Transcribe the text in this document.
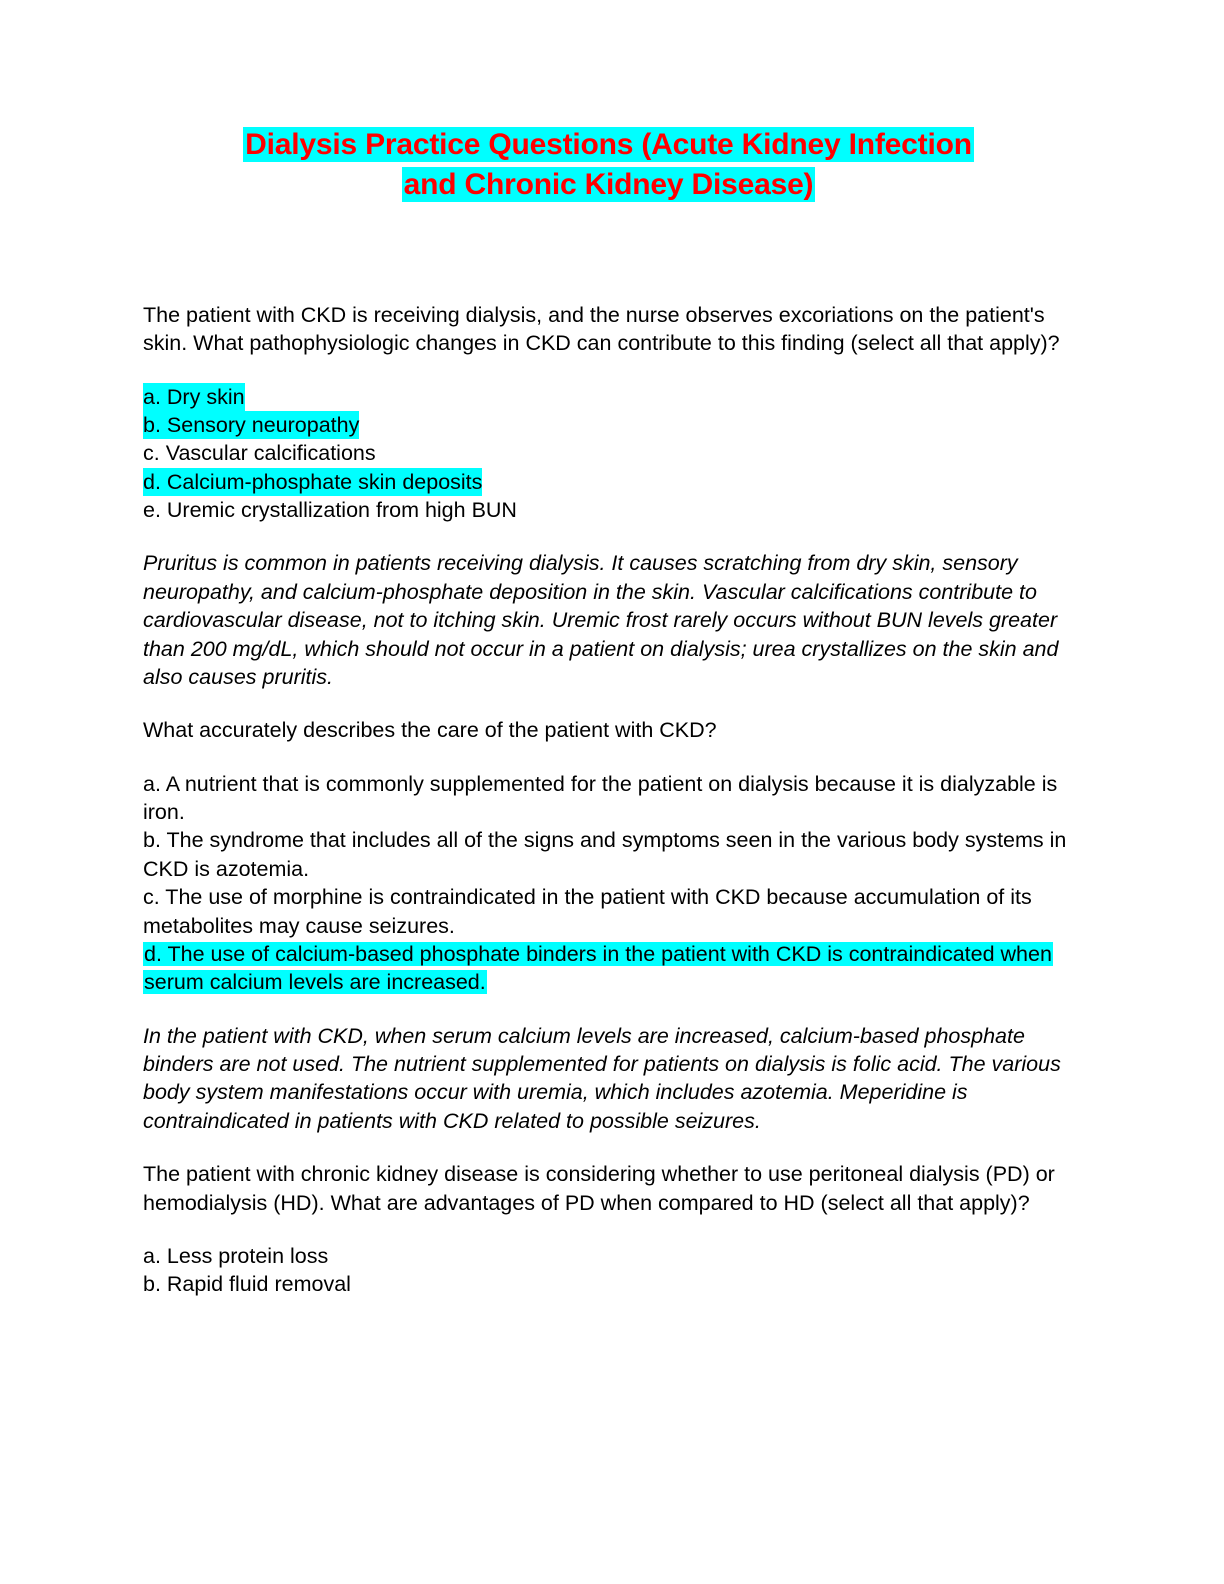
Dialysis Practice Questions (Acute Kidney Infection
and Chronic Kidney Disease)

The patient with CKD is receiving dialysis, and the nurse observes excoriations on the patient's skin. What pathophysiologic changes in CKD can contribute to this finding (select all that apply)?

a. Dry skin

b. Sensory neuropathy

c. Vascular calcifications

d. Calcium-phosphate skin deposits

e. Uremic crystallization from high BUN

Pruritus is common in patients receiving dialysis. It causes scratching from dry skin, sensory neuropathy, and calcium-phosphate deposition in the skin. Vascular calcifications contribute to cardiovascular disease, not to itching skin. Uremic frost rarely occurs without BUN levels greater than 200 mg/dL, which should not occur in a patient on dialysis; urea crystallizes on the skin and also causes pruritis.

What accurately describes the care of the patient with CKD?

a. A nutrient that is commonly supplemented for the patient on dialysis because it is dialyzable is iron.

b. The syndrome that includes all of the signs and symptoms seen in the various body systems in CKD is azotemia.

c. The use of morphine is contraindicated in the patient with CKD because accumulation of its metabolites may cause seizures.

d. The use of calcium-based phosphate binders in the patient with CKD is contraindicated when serum calcium levels are increased.

In the patient with CKD, when serum calcium levels are increased, calcium-based phosphate binders are not used. The nutrient supplemented for patients on dialysis is folic acid. The various body system manifestations occur with uremia, which includes azotemia. Meperidine is contraindicated in patients with CKD related to possible seizures.

The patient with chronic kidney disease is considering whether to use peritoneal dialysis (PD) or hemodialysis (HD). What are advantages of PD when compared to HD (select all that apply)?

a. Less protein loss

b. Rapid fluid removal
